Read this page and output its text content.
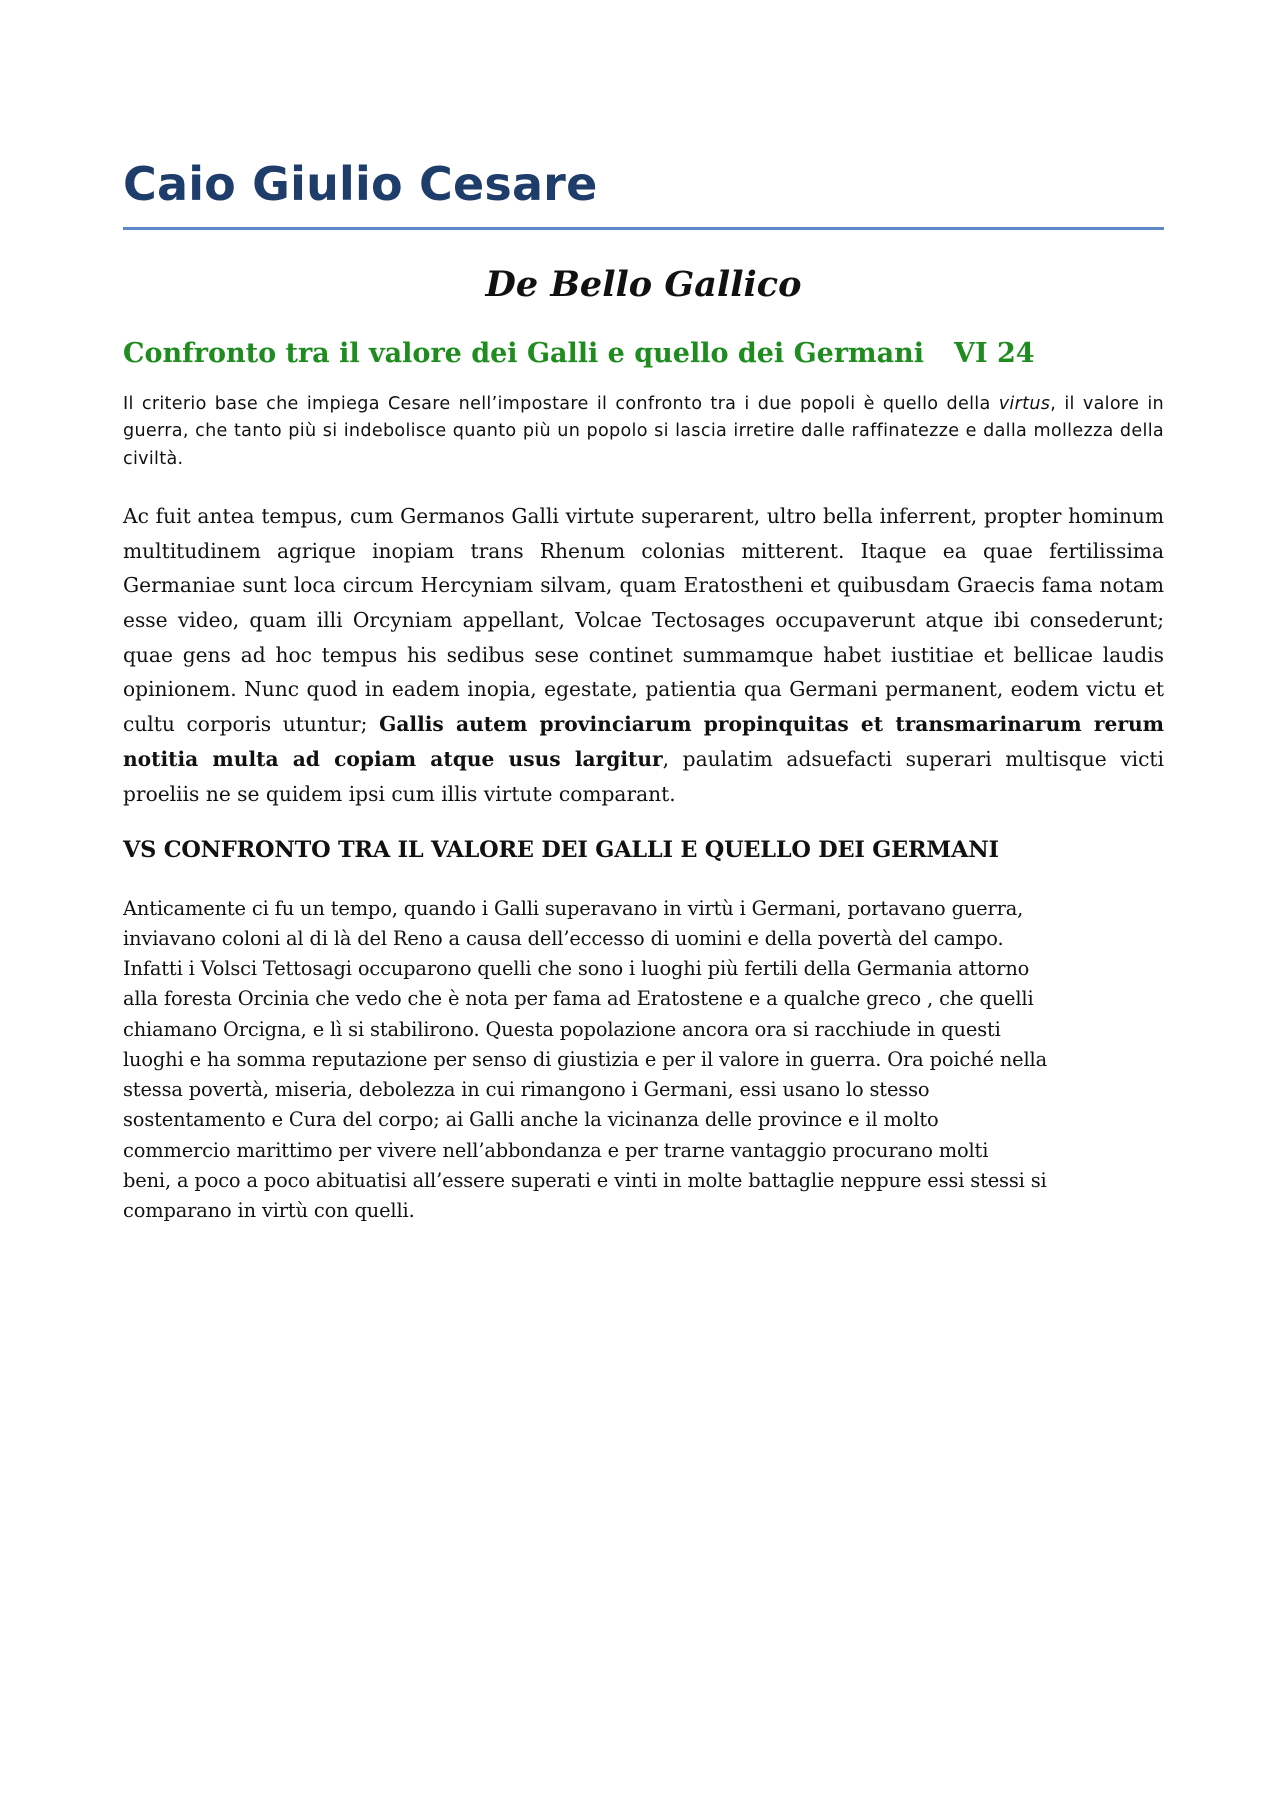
Caio Giulio Cesare
De Bello Gallico
Confronto tra il valore dei Galli e quello dei Germani VI 24

Il criterio base che impiega Cesare nell’impostare il confronto tra i due popoli è quello della virtus, il valore in guerra, che tanto più si indebolisce quanto più un popolo si lascia irretire dalle raffinatezze e dalla mollezza della civiltà.

Ac fuit antea tempus, cum Germanos Galli virtute superarent, ultro bella inferrent, propter hominum multitudinem agrique inopiam trans Rhenum colonias mitterent. Itaque ea quae fertilissima Germaniae sunt loca circum Hercyniam silvam, quam Eratostheni et quibusdam Graecis fama notam esse video, quam illi Orcyniam appellant, Volcae Tectosages occupaverunt atque ibi consederunt; quae gens ad hoc tempus his sedibus sese continet summamque habet iustitiae et bellicae laudis opinionem. Nunc quod in eadem inopia, egestate, patientia qua Germani permanent, eodem victu et cultu corporis utuntur; Gallis autem provinciarum propinquitas et transmarinarum rerum notitia multa ad copiam atque usus largitur, paulatim adsuefacti superari multisque victi proeliis ne se quidem ipsi cum illis virtute comparant.

VS CONFRONTO TRA IL VALORE DEI GALLI E QUELLO DEI GERMANI

Anticamente ci fu un tempo, quando i Galli superavano in virtù i Germani, portavano guerra,
inviavano coloni al di là del Reno a causa dell’eccesso di uomini e della povertà del campo.
Infatti i Volsci Tettosagi occuparono quelli che sono i luoghi più fertili della Germania attorno
alla foresta Orcinia che vedo che è nota per fama ad Eratostene e a qualche greco , che quelli
chiamano Orcigna, e lì si stabilirono. Questa popolazione ancora ora si racchiude in questi
luoghi e ha somma reputazione per senso di giustizia e per il valore in guerra. Ora poiché nella
stessa povertà, miseria, debolezza in cui rimangono i Germani, essi usano lo stesso
sostentamento e Cura del corpo; ai Galli anche la vicinanza delle province e il molto
commercio marittimo per vivere nell’abbondanza e per trarne vantaggio procurano molti
beni, a poco a poco abituatisi all’essere superati e vinti in molte battaglie neppure essi stessi si
comparano in virtù con quelli.
